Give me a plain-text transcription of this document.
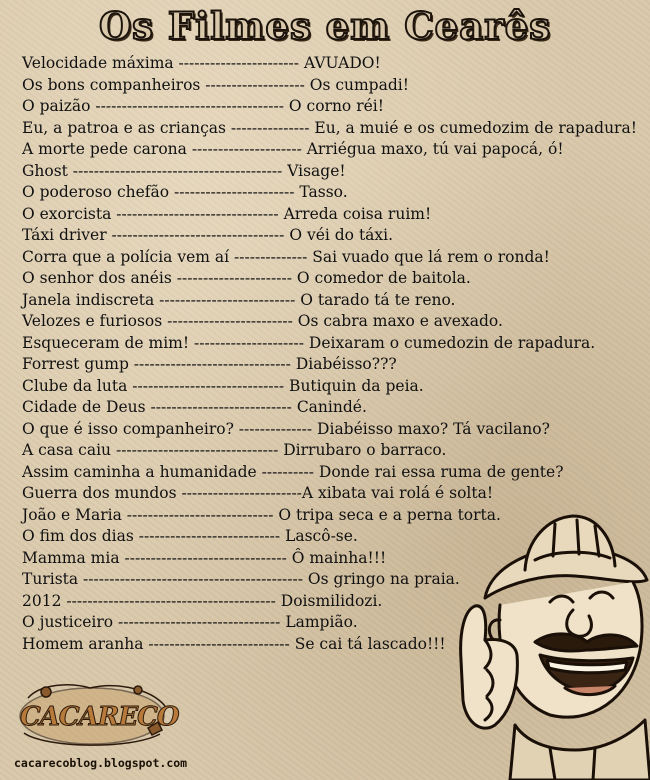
Os Filmes em Cearês
Velocidade máxima ----------------------- AVUADO!
Os bons companheiros ------------------- Os cumpadi!
O paizão ------------------------------------ O corno réi!
Eu, a patroa e as crianças --------------- Eu, a muié e os cumedozim de rapadura!
A morte pede carona --------------------- Arriégua maxo, tú vai papocá, ó!
Ghost ---------------------------------------- Visage!
O poderoso chefão ----------------------- Tasso.
O exorcista ------------------------------- Arreda coisa ruim!
Táxi driver --------------------------------- O véi do táxi.
Corra que a polícia vem aí -------------- Sai vuado que lá rem o ronda!
O senhor dos anéis ---------------------- O comedor de baitola.
Janela indiscreta -------------------------- O tarado tá te reno.
Velozes e furiosos ------------------------ Os cabra maxo e avexado.
Esqueceram de mim! --------------------- Deixaram o cumedozin de rapadura.
Forrest gump ------------------------------ Diabéisso???
Clube da luta ----------------------------- Butiquin da peia.
Cidade de Deus --------------------------- Canindé.
O que é isso companheiro? -------------- Diabéisso maxo? Tá vacilano?
A casa caiu ------------------------------- Dirrubaro o barraco.
Assim caminha a humanidade ---------- Donde rai essa ruma de gente?
Guerra dos mundos -----------------------A xibata vai rolá é solta!
João e Maria ---------------------------- O tripa seca e a perna torta.
O fim dos dias --------------------------- Lascô-se.
Mamma mia ------------------------------- Ô mainha!!!
Turista ------------------------------------------ Os gringo na praia.
2012 ---------------------------------------- Doismilidozi.
O justiceiro ------------------------------- Lampião.
Homem aranha --------------------------- Se cai tá lascado!!!
CACARECO
cacarecoblog.blogspot.com
